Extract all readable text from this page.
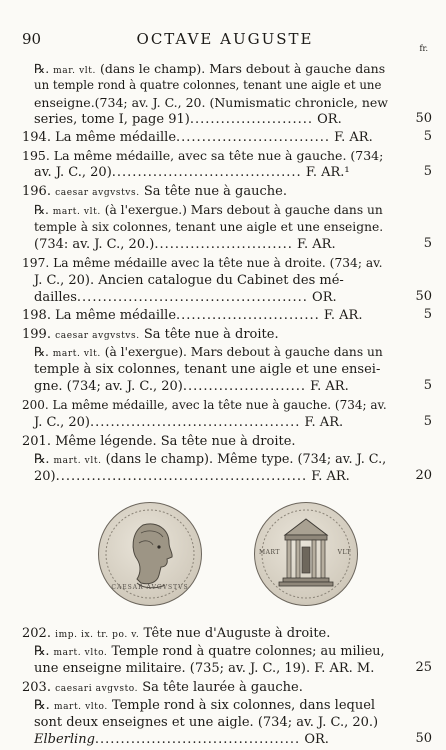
90	OCTAVE AUGUSTE
fr.
℞. mar. vlt. (dans le champ). Mars debout à gauche dans
un temple rond à quatre colonnes, tenant une aigle et une
enseigne.(734; av. J. C., 20. (Numismatic chronicle, new
series, tome I, page 91)........................ OR.	50
194. La même médaille.............................. F. AR.	5
195. La même médaille, avec sa tête nue à gauche. (734;
av. J. C., 20)..................................... F. AR.¹	5
196. caesar avgvstvs. Sa tête nue à gauche.
℞. mart. vlt. (à l'exergue.) Mars debout à gauche dans un
temple à six colonnes, tenant une aigle et une enseigne.
(734: av. J. C., 20.)........................... F. AR.	5
197. La même médaille avec la tête nue à droite. (734; av.
J. C., 20). Ancien catalogue du Cabinet des mé-
dailles............................................. OR.	50
198. La même médaille............................ F. AR.	5
199. caesar avgvstvs. Sa tête nue à droite.
℞. mart. vlt. (à l'exergue). Mars debout à gauche dans un
temple à six colonnes, tenant une aigle et une ensei-
gne. (734; av. J. C., 20)........................ F. AR.	5
200. La même médaille, avec la tête nue à gauche. (734; av.
J. C., 20)......................................... F. AR.	5
201. Même légende. Sa tête nue à droite.
℞. mart. vlt. (dans le champ). Même type. (734; av. J. C.,
20)................................................. F. AR.	20
CAESAR AVGVSTVS
MART	VLT
202. imp. ix. tr. po. v. Tête nue d'Auguste à droite.
℞. mart. vlto. Temple rond à quatre colonnes; au milieu,
une enseigne militaire. (735; av. J. C., 19). F. AR. M.	25
203. caesari avgvsto. Sa tête laurée à gauche.
℞. mart. vlto. Temple rond à six colonnes, dans lequel
sont deux enseignes et une aigle. (734; av. J. C., 20.)
Elberling........................................ OR.	50
